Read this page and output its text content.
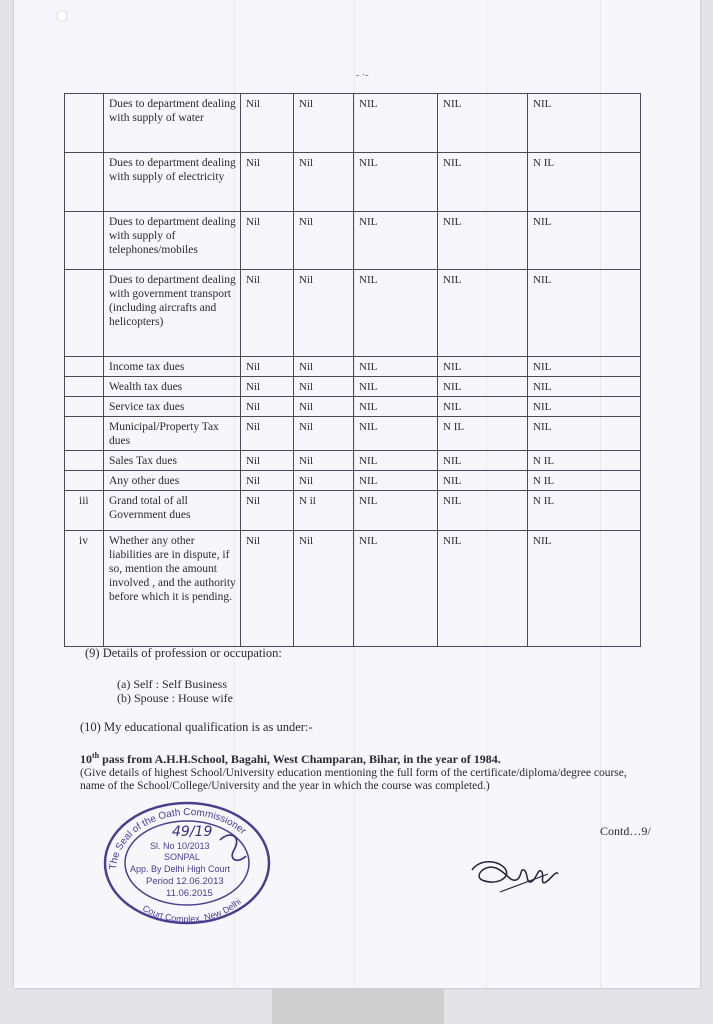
- ·-
	Dues to department dealing with supply of water	Nil	Nil	NIL	NIL	NIL
	Dues to department dealing with supply of electricity	Nil	Nil	NIL	NIL	N IL
	Dues to department dealing with supply of telephones/mobiles	Nil	Nil	NIL	NIL	NIL
	Dues to department dealing with government transport (including aircrafts and helicopters)	Nil	Nil	NIL	NIL	NIL
	Income tax dues	Nil	Nil	NIL	NIL	NIL
	Wealth tax dues	Nil	Nil	NIL	NIL	NIL
	Service tax dues	Nil	Nil	NIL	NIL	NIL
	Municipal/Property Tax dues	Nil	Nil	NIL	N IL	NIL
	Sales Tax dues	Nil	Nil	NIL	NIL	N IL
	Any other dues	Nil	Nil	NIL	NIL	N IL
iii	Grand total of all Government dues	Nil	N il	NIL	NIL	N IL
iv	Whether any other liabilities are in dispute, if so, mention the amount involved , and the authority before which it is pending.	Nil	Nil	NIL	NIL	NIL
(9) Details of profession or occupation:
(a) Self : Self Business
(b) Spouse : House wife
(10) My educational qualification is as under:-
10th pass from A.H.H.School, Bagahi, West Champaran, Bihar, in the year of 1984.
(Give details of highest School/University education mentioning the full form of the certificate/diploma/degree course, name of the School/College/University and the year in which the course was completed.)
Contd…9/
The Seal of the Oath Commissioner
Court Complex, New Delhi
49/19
Sl. No 10/2013
SONPAL
App. By Delhi High Court
Period 12.06.2013
11.06.2015
